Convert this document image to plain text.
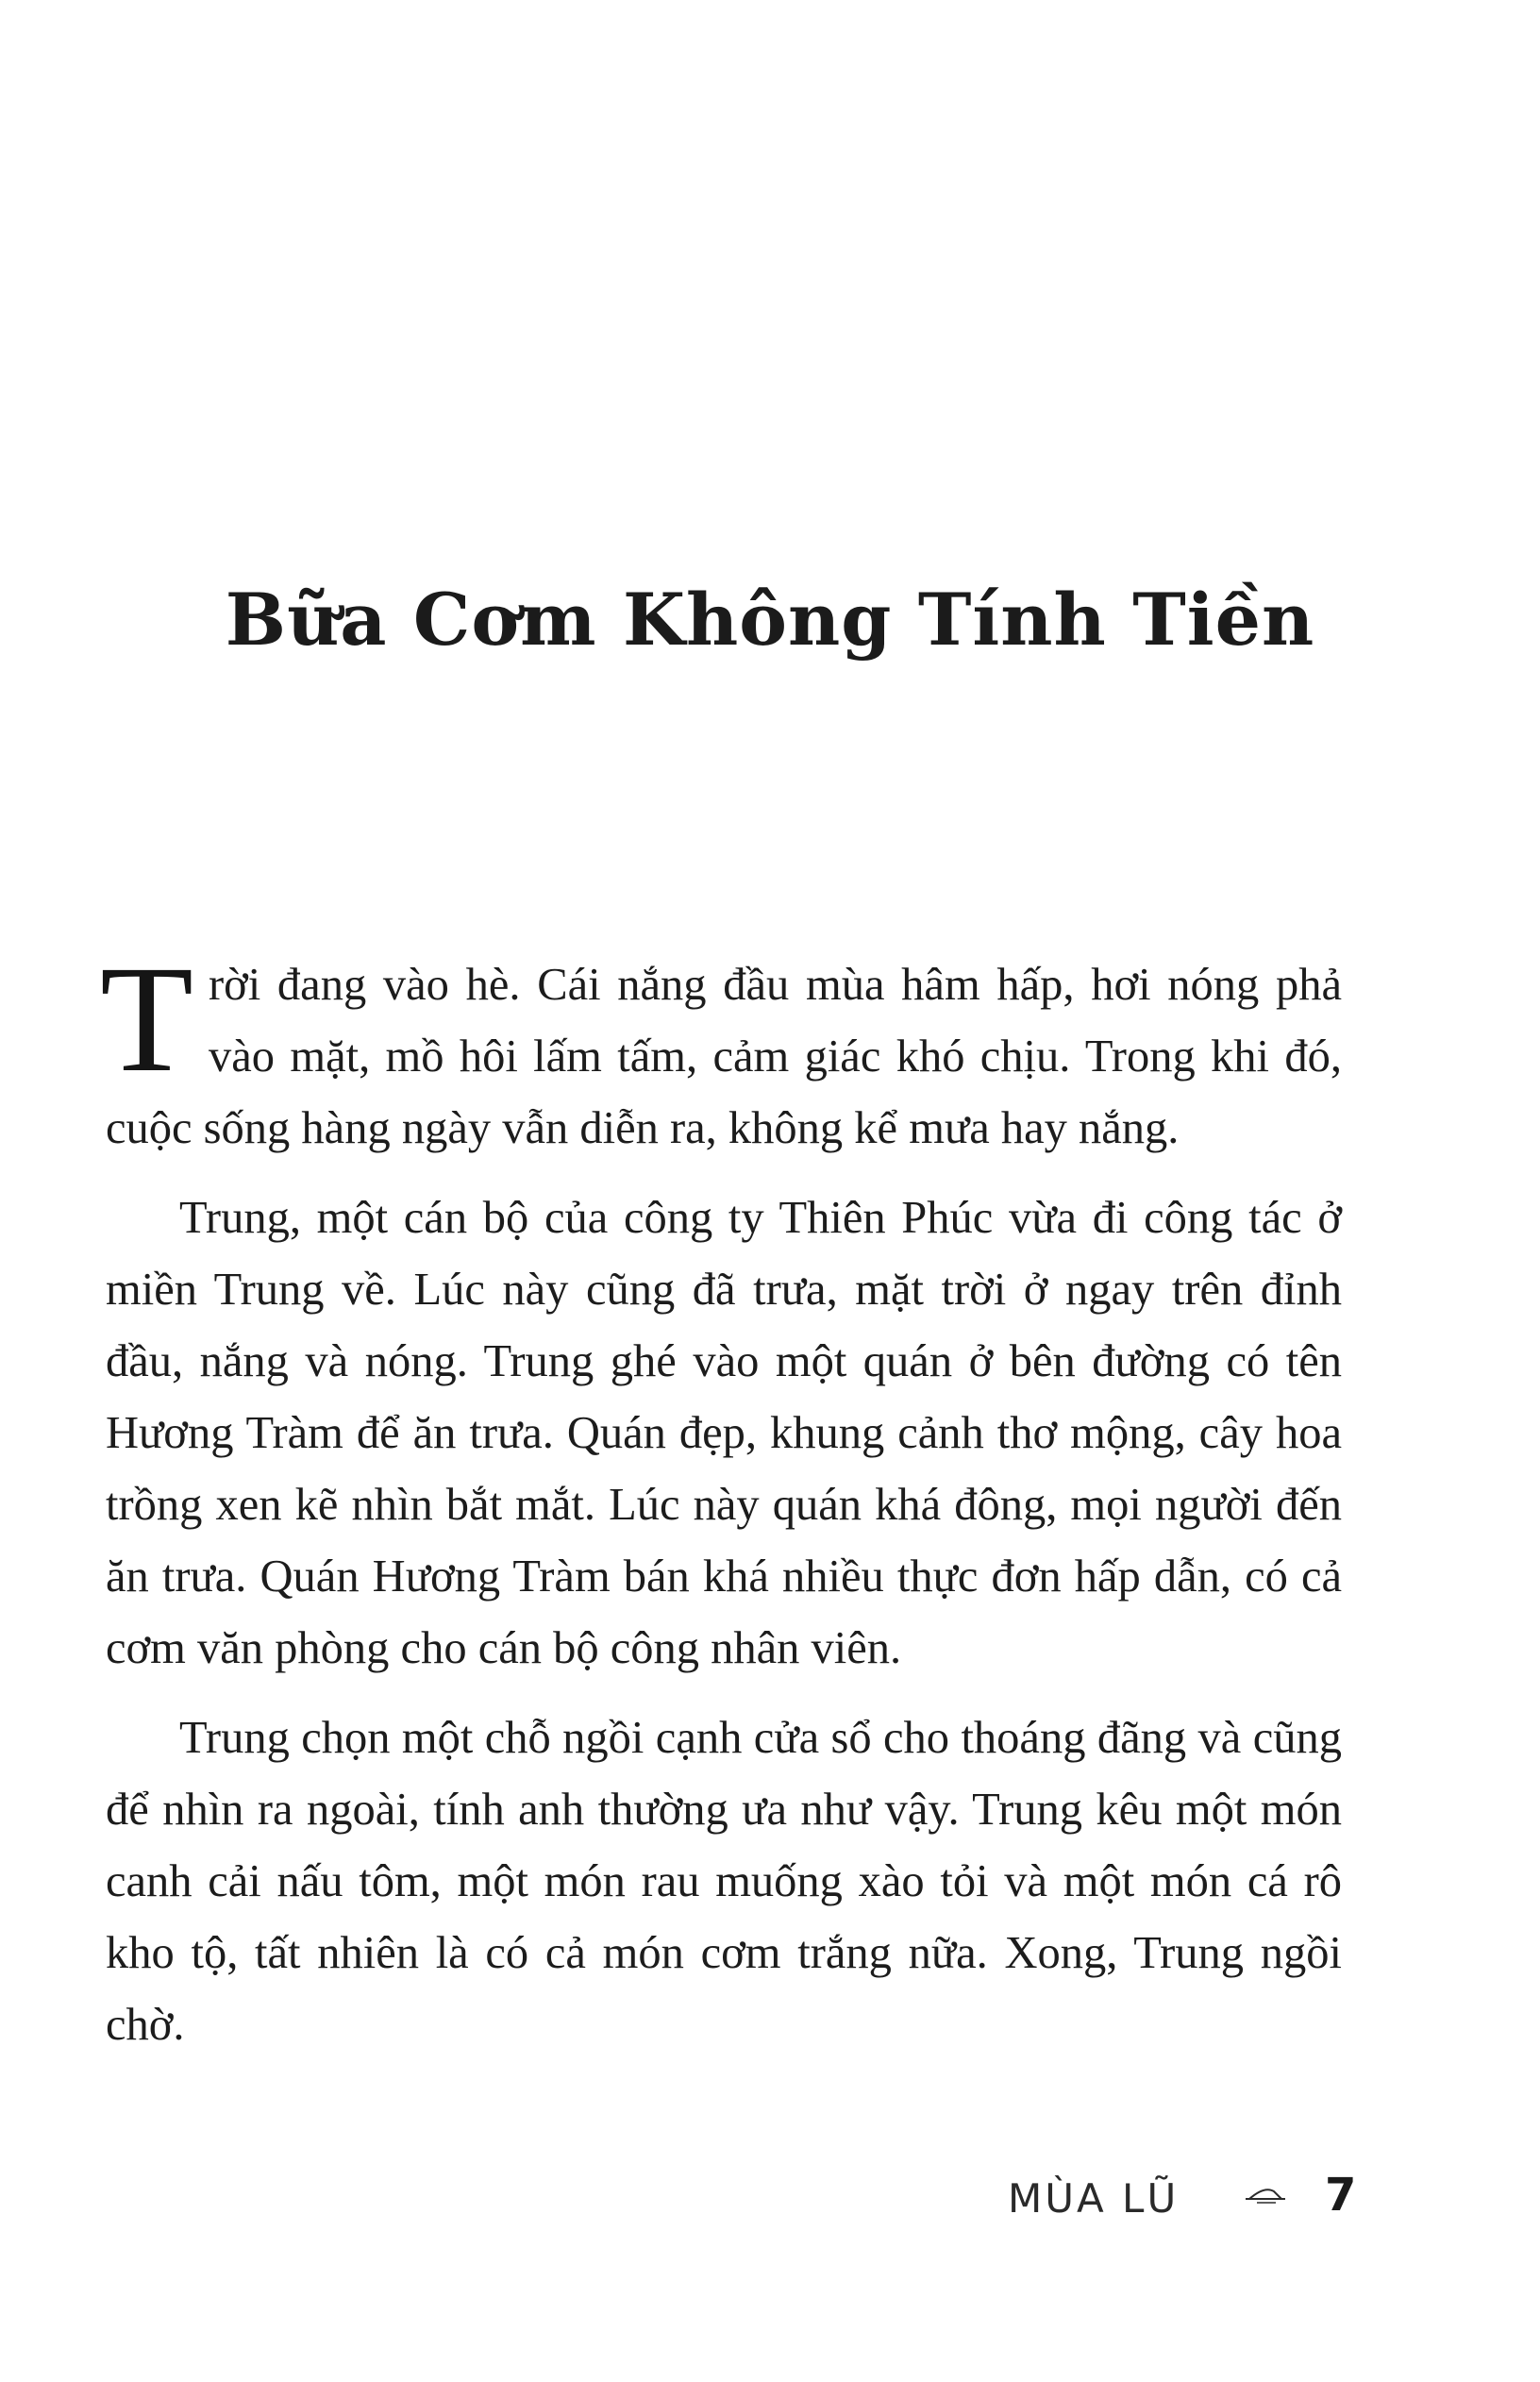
Bữa Cơm Không Tính Tiền

Trời đang vào hè. Cái nắng đầu mùa hâm hấp, hơi nóng phả vào mặt, mồ hôi lấm tấm, cảm giác khó chịu. Trong khi đó, cuộc sống hàng ngày vẫn diễn ra, không kể mưa hay nắng.

Trung, một cán bộ của công ty Thiên Phúc vừa đi công tác ở miền Trung về. Lúc này cũng đã trưa, mặt trời ở ngay trên đỉnh đầu, nắng và nóng. Trung ghé vào một quán ở bên đường có tên Hương Tràm để ăn trưa. Quán đẹp, khung cảnh thơ mộng, cây hoa trồng xen kẽ nhìn bắt mắt. Lúc này quán khá đông, mọi người đến ăn trưa. Quán Hương Tràm bán khá nhiều thực đơn hấp dẫn, có cả cơm văn phòng cho cán bộ công nhân viên.

Trung chọn một chỗ ngồi cạnh cửa sổ cho thoáng đãng và cũng để nhìn ra ngoài, tính anh thường ưa như vậy. Trung kêu một món canh cải nấu tôm, một món rau muống xào tỏi và một món cá rô kho tộ, tất nhiên là có cả món cơm trắng nữa. Xong, Trung ngồi chờ.

MÙA LŨ	7
